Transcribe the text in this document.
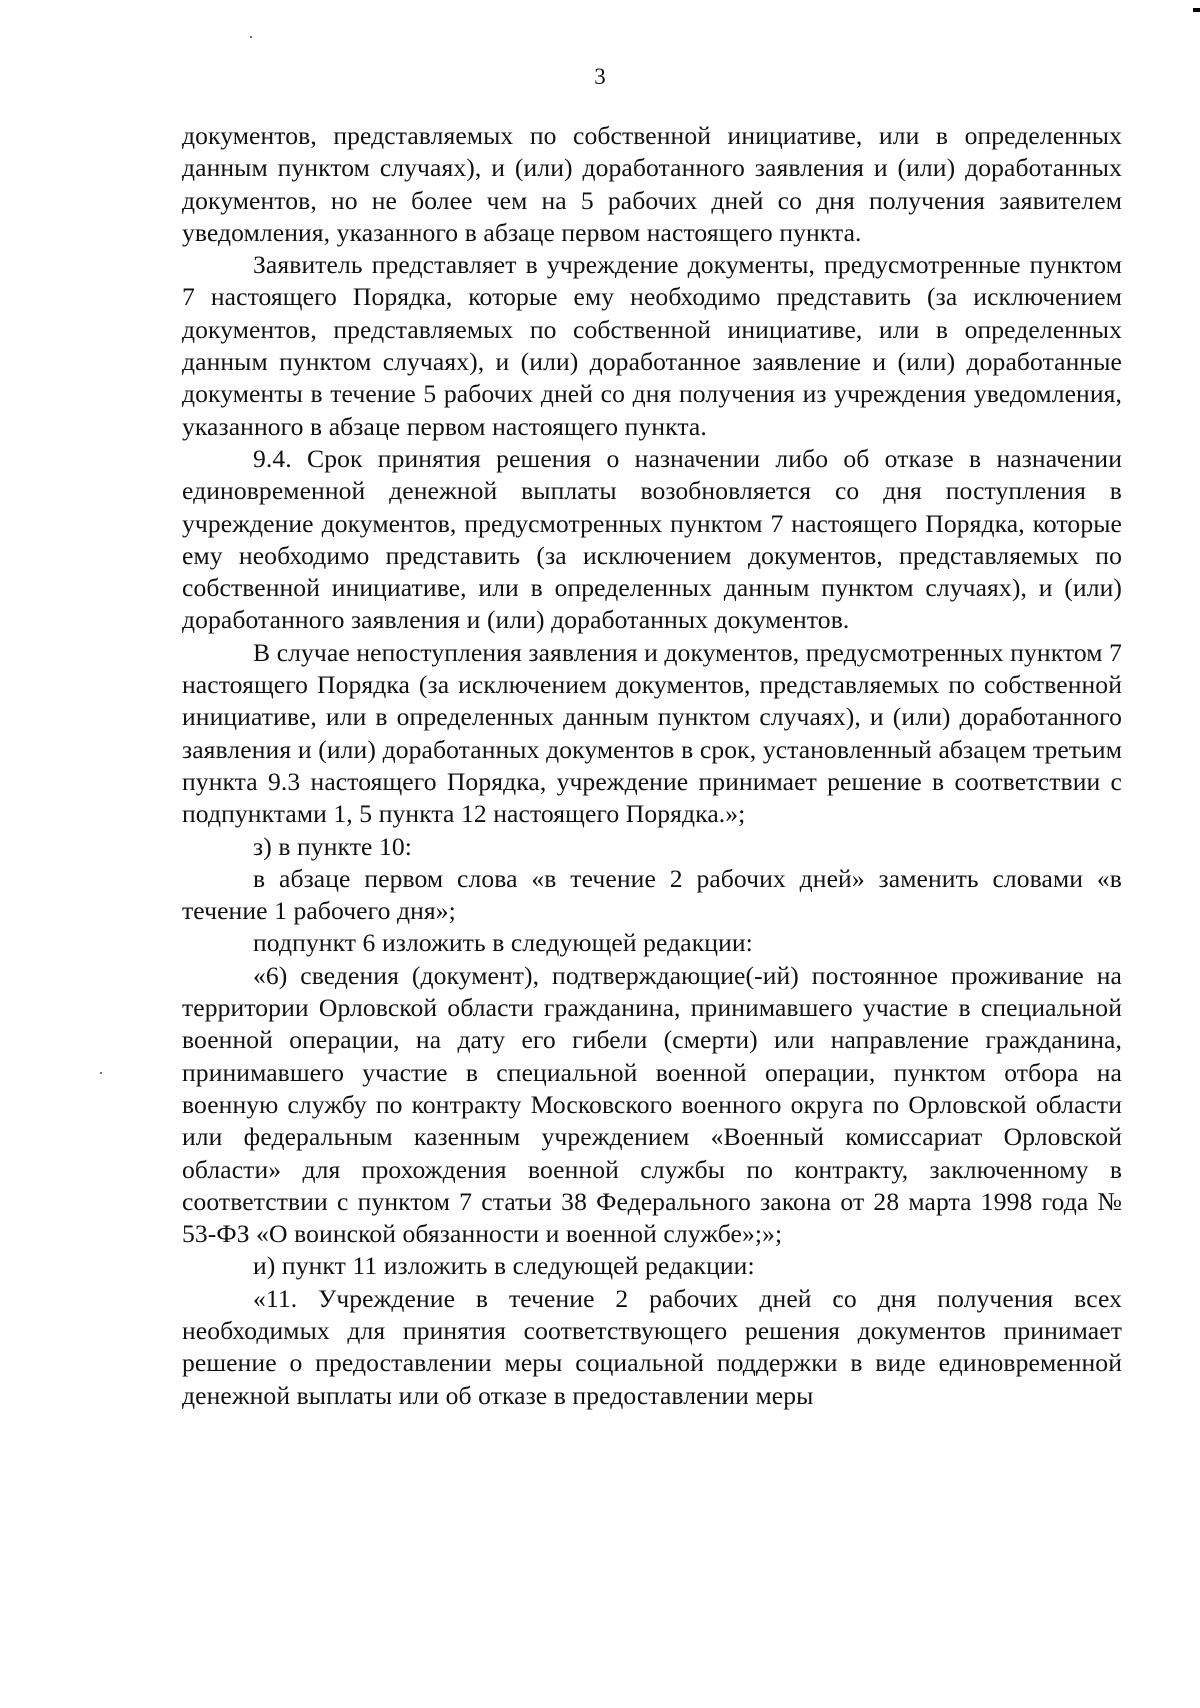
3

документов, представляемых по собственной инициативе, или в определенных данным пунктом случаях), и (или) доработанного заявления и (или) доработанных документов, но не более чем на 5 рабочих дней со дня получения заявителем уведомления, указанного в абзаце первом настоящего пункта.

Заявитель представляет в учреждение документы, предусмотренные пунктом 7 настоящего Порядка, которые ему необходимо представить (за исключением документов, представляемых по собственной инициативе, или в определенных данным пунктом случаях), и (или) доработанное заявление и (или) доработанные документы в течение 5 рабочих дней со дня получения из учреждения уведомления, указанного в абзаце первом настоящего пункта.

9.4. Срок принятия решения о назначении либо об отказе в назначении единовременной денежной выплаты возобновляется со дня поступления в учреждение документов, предусмотренных пунктом 7 настоящего Порядка, которые ему необходимо представить (за исключением документов, представляемых по собственной инициативе, или в определенных данным пунктом случаях), и (или) доработанного заявления и (или) доработанных документов.

В случае непоступления заявления и документов, предусмотренных пунктом 7 настоящего Порядка (за исключением документов, представляемых по собственной инициативе, или в определенных данным пунктом случаях), и (или) доработанного заявления и (или) доработанных документов в срок, установленный абзацем третьим пункта 9.3 настоящего Порядка, учреждение принимает решение в соответствии с подпунктами 1, 5 пункта 12 настоящего Порядка.»;

з) в пункте 10:

в абзаце первом слова «в течение 2 рабочих дней» заменить словами «в течение 1 рабочего дня»;

подпункт 6 изложить в следующей редакции:

«6) сведения (документ), подтверждающие(-ий) постоянное проживание на территории Орловской области гражданина, принимавшего участие в специальной военной операции, на дату его гибели (смерти) или направление гражданина, принимавшего участие в специальной военной операции, пунктом отбора на военную службу по контракту Московского военного округа по Орловской области или федеральным казенным учреждением «Военный комиссариат Орловской области» для прохождения военной службы по контракту, заключенному в соответствии с пунктом 7 статьи 38 Федерального закона от 28 марта 1998 года № 53-ФЗ «О воинской обязанности и военной службе»;»;

и) пункт 11 изложить в следующей редакции:

«11. Учреждение в течение 2 рабочих дней со дня получения всех необходимых для принятия соответствующего решения документов принимает решение о предоставлении меры социальной поддержки в виде единовременной денежной выплаты или об отказе в предоставлении меры
